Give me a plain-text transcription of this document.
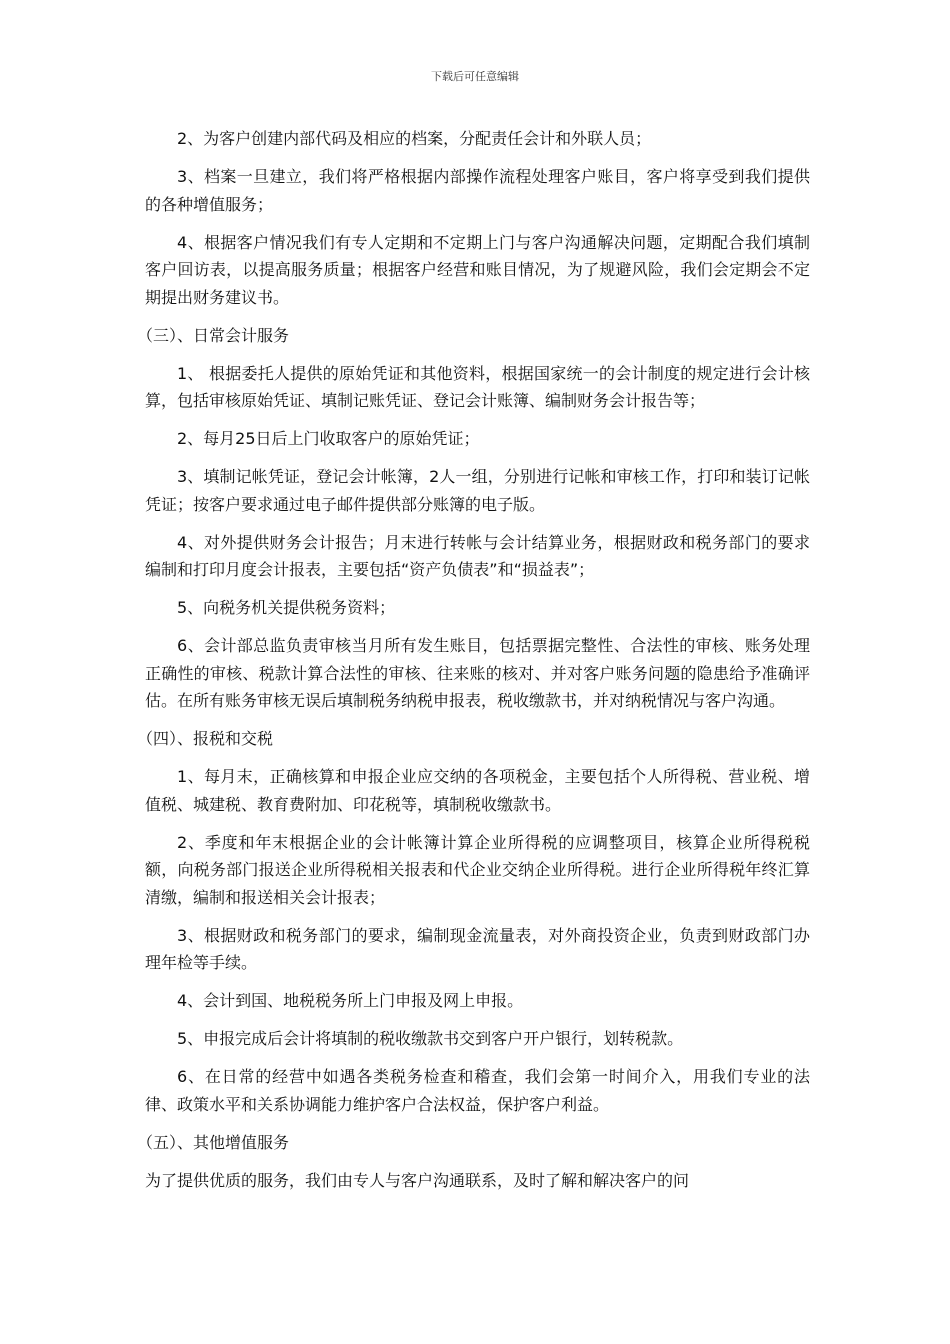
下载后可任意编辑

2、为客户创建内部代码及相应的档案，分配责任会计和外联人员；

3、档案一旦建立，我们将严格根据内部操作流程处理客户账目，客户将享受到我们提供的各种增值服务；

4、根据客户情况我们有专人定期和不定期上门与客户沟通解决问题，定期配合我们填制客户回访表，以提高服务质量；根据客户经营和账目情况，为了规避风险，我们会定期会不定期提出财务建议书。

（三）、日常会计服务

1、 根据委托人提供的原始凭证和其他资料，根据国家统一的会计制度的规定进行会计核算，包括审核原始凭证、填制记账凭证、登记会计账簿、编制财务会计报告等；

2、每月25日后上门收取客户的原始凭证；

3、填制记帐凭证，登记会计帐簿，2人一组，分别进行记帐和审核工作，打印和装订记帐凭证；按客户要求通过电子邮件提供部分账簿的电子版。

4、对外提供财务会计报告；月末进行转帐与会计结算业务，根据财政和税务部门的要求编制和打印月度会计报表，主要包括“资产负债表”和“损益表”；

5、向税务机关提供税务资料；

6、会计部总监负责审核当月所有发生账目，包括票据完整性、合法性的审核、账务处理正确性的审核、税款计算合法性的审核、往来账的核对、并对客户账务问题的隐患给予准确评估。在所有账务审核无误后填制税务纳税申报表，税收缴款书，并对纳税情况与客户沟通。

（四）、报税和交税

1、每月末，正确核算和申报企业应交纳的各项税金，主要包括个人所得税、营业税、增值税、城建税、教育费附加、印花税等，填制税收缴款书。

2、季度和年末根据企业的会计帐簿计算企业所得税的应调整项目，核算企业所得税税额，向税务部门报送企业所得税相关报表和代企业交纳企业所得税。进行企业所得税年终汇算清缴，编制和报送相关会计报表；

3、根据财政和税务部门的要求，编制现金流量表，对外商投资企业，负责到财政部门办理年检等手续。

4、会计到国、地税税务所上门申报及网上申报。

5、申报完成后会计将填制的税收缴款书交到客户开户银行，划转税款。

6、在日常的经营中如遇各类税务检查和稽查，我们会第一时间介入，用我们专业的法律、政策水平和关系协调能力维护客户合法权益，保护客户利益。

（五）、其他增值服务

为了提供优质的服务，我们由专人与客户沟通联系，及时了解和解决客户的问
